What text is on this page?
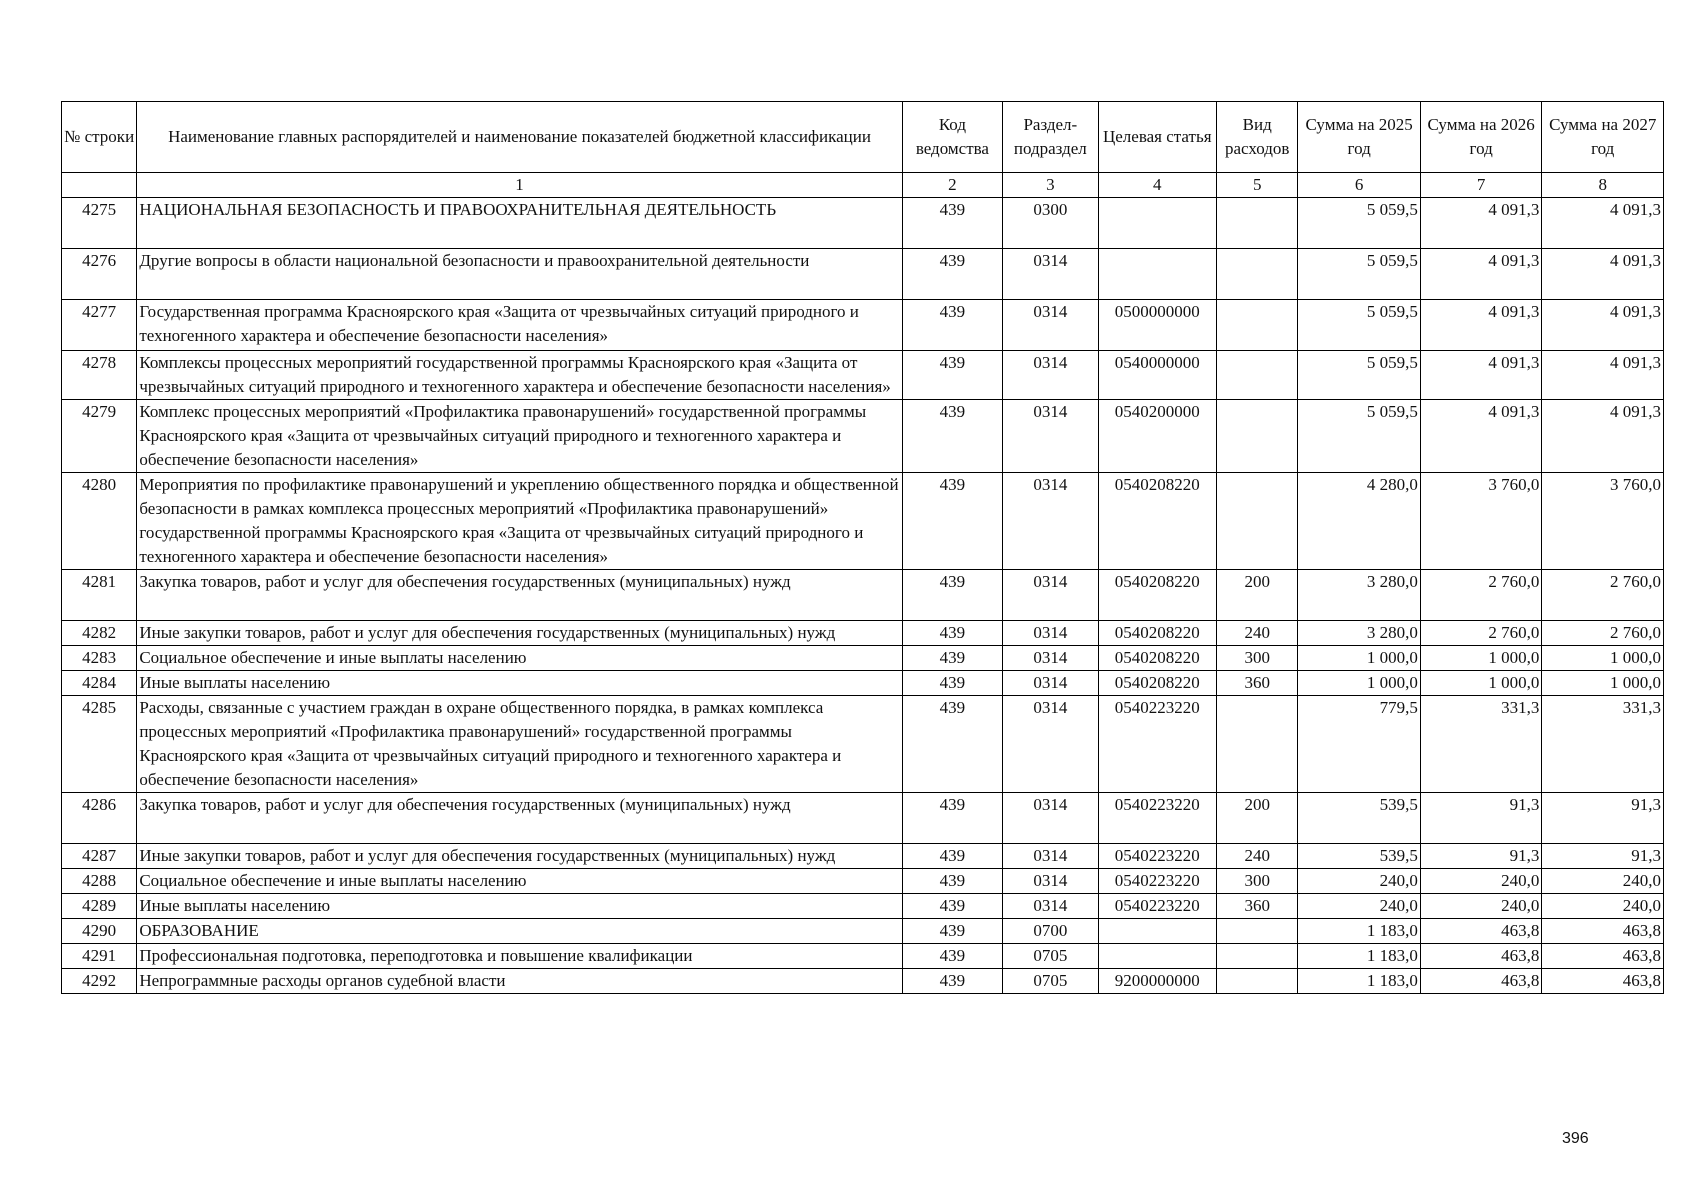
№ строки	Наименование главных распорядителей и наименование показателей бюджетной классификации	Код ведомства	Раздел-подраздел	Целевая статья	Вид расходов	Сумма на 2025 год	Сумма на 2026 год	Сумма на 2027 год
	1	2	3	4	5	6	7	8
4275	НАЦИОНАЛЬНАЯ БЕЗОПАСНОСТЬ И ПРАВООХРАНИТЕЛЬНАЯ ДЕЯТЕЛЬНОСТЬ	439	0300			5 059,5	4 091,3	4 091,3
4276	Другие вопросы в области национальной безопасности и правоохранительной деятельности	439	0314			5 059,5	4 091,3	4 091,3
4277	Государственная программа Красноярского края «Защита от чрезвычайных ситуаций природного и техногенного характера и обеспечение безопасности населения»	439	0314	0500000000		5 059,5	4 091,3	4 091,3
4278	Комплексы процессных мероприятий государственной программы Красноярского края «Защита от чрезвычайных ситуаций природного и техногенного характера и обеспечение безопасности населения»	439	0314	0540000000		5 059,5	4 091,3	4 091,3
4279	Комплекс процессных мероприятий «Профилактика правонарушений» государственной программы Красноярского края «Защита от чрезвычайных ситуаций природного и техногенного характера и обеспечение безопасности населения»	439	0314	0540200000		5 059,5	4 091,3	4 091,3
4280	Мероприятия по профилактике правонарушений и укреплению общественного порядка и общественной безопасности в рамках комплекса процессных мероприятий «Профилактика правонарушений» государственной программы Красноярского края «Защита от чрезвычайных ситуаций природного и техногенного характера и обеспечение безопасности населения»	439	0314	0540208220		4 280,0	3 760,0	3 760,0
4281	Закупка товаров, работ и услуг для обеспечения государственных (муниципальных) нужд	439	0314	0540208220	200	3 280,0	2 760,0	2 760,0
4282	Иные закупки товаров, работ и услуг для обеспечения государственных (муниципальных) нужд	439	0314	0540208220	240	3 280,0	2 760,0	2 760,0
4283	Социальное обеспечение и иные выплаты населению	439	0314	0540208220	300	1 000,0	1 000,0	1 000,0
4284	Иные выплаты населению	439	0314	0540208220	360	1 000,0	1 000,0	1 000,0
4285	Расходы, связанные с участием граждан в охране общественного порядка, в рамках комплекса процессных мероприятий «Профилактика правонарушений» государственной программы Красноярского края «Защита от чрезвычайных ситуаций природного и техногенного характера и обеспечение безопасности населения»	439	0314	0540223220		779,5	331,3	331,3
4286	Закупка товаров, работ и услуг для обеспечения государственных (муниципальных) нужд	439	0314	0540223220	200	539,5	91,3	91,3
4287	Иные закупки товаров, работ и услуг для обеспечения государственных (муниципальных) нужд	439	0314	0540223220	240	539,5	91,3	91,3
4288	Социальное обеспечение и иные выплаты населению	439	0314	0540223220	300	240,0	240,0	240,0
4289	Иные выплаты населению	439	0314	0540223220	360	240,0	240,0	240,0
4290	ОБРАЗОВАНИЕ	439	0700			1 183,0	463,8	463,8
4291	Профессиональная подготовка, переподготовка и повышение квалификации	439	0705			1 183,0	463,8	463,8
4292	Непрограммные расходы органов судебной власти	439	0705	9200000000		1 183,0	463,8	463,8
396
